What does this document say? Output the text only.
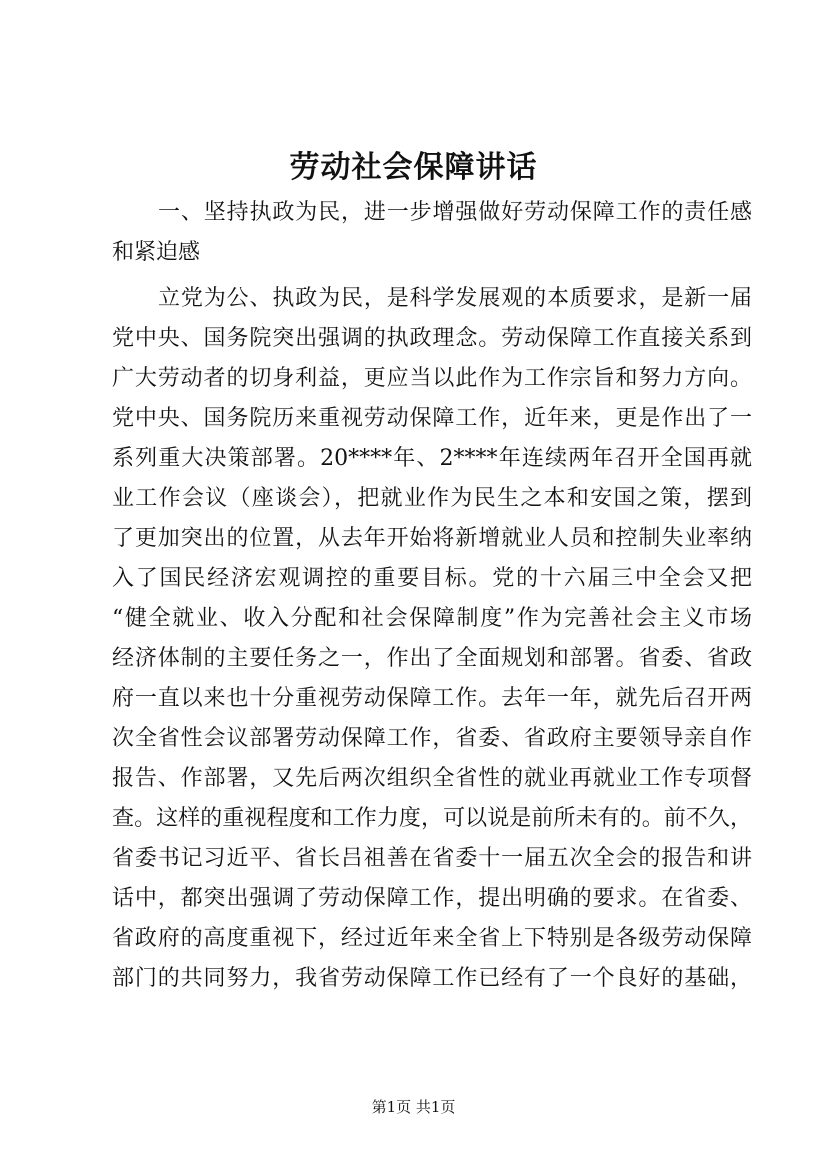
劳动社会保障讲话
一、坚持执政为民，进一步增强做好劳动保障工作的责任感
和紧迫感
立党为公、执政为民，是科学发展观的本质要求，是新一届
党中央、国务院突出强调的执政理念。劳动保障工作直接关系到
广大劳动者的切身利益，更应当以此作为工作宗旨和努力方向。
党中央、国务院历来重视劳动保障工作，近年来，更是作出了一
系列重大决策部署。20****年、2****年连续两年召开全国再就
业工作会议（座谈会），把就业作为民生之本和安国之策，摆到
了更加突出的位置，从去年开始将新增就业人员和控制失业率纳
入了国民经济宏观调控的重要目标。党的十六届三中全会又把
“健全就业、收入分配和社会保障制度”作为完善社会主义市场
经济体制的主要任务之一，作出了全面规划和部署。省委、省政
府一直以来也十分重视劳动保障工作。去年一年，就先后召开两
次全省性会议部署劳动保障工作，省委、省政府主要领导亲自作
报告、作部署，又先后两次组织全省性的就业再就业工作专项督
查。这样的重视程度和工作力度，可以说是前所未有的。前不久，
省委书记习近平、省长吕祖善在省委十一届五次全会的报告和讲
话中，都突出强调了劳动保障工作，提出明确的要求。在省委、
省政府的高度重视下，经过近年来全省上下特别是各级劳动保障
部门的共同努力，我省劳动保障工作已经有了一个良好的基础，
第1页 共1页
